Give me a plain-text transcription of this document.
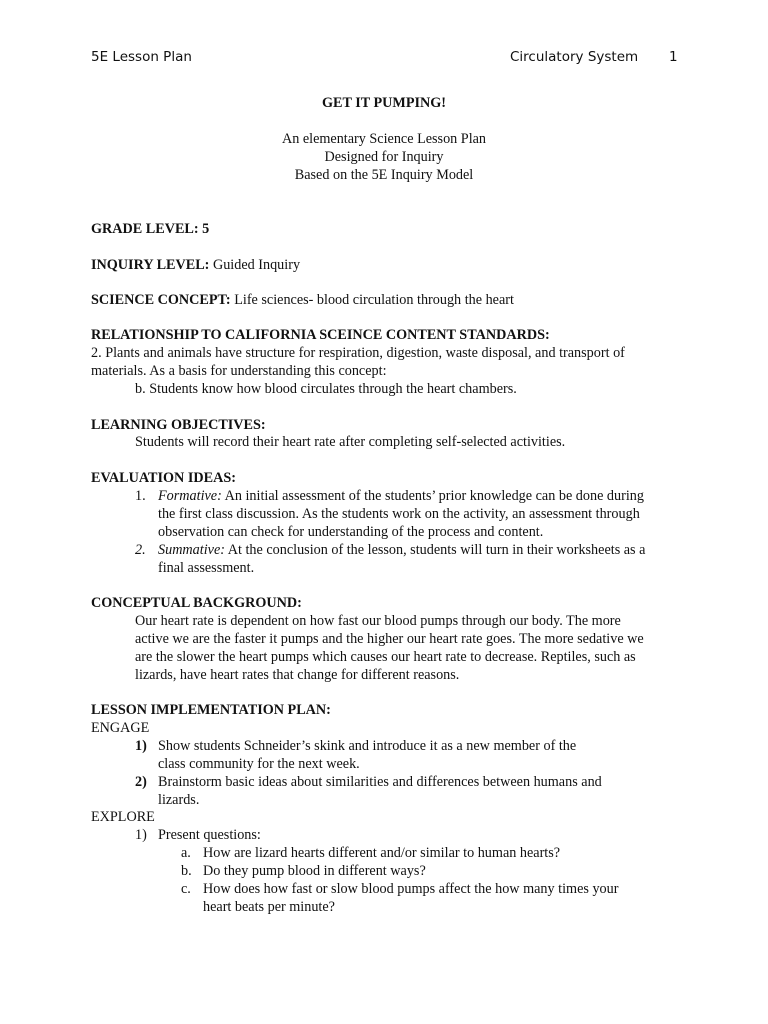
5E Lesson Plan	Circulatory System 1
GET IT PUMPING!
An elementary Science Lesson Plan
Designed for Inquiry
Based on the 5E Inquiry Model
GRADE LEVEL: 5
INQUIRY LEVEL: Guided Inquiry
SCIENCE CONCEPT: Life sciences- blood circulation through the heart
RELATIONSHIP TO CALIFORNIA SCEINCE CONTENT STANDARDS:
2. Plants and animals have structure for respiration, digestion, waste disposal, and transport of
materials. As a basis for understanding this concept:
b. Students know how blood circulates through the heart chambers.
LEARNING OBJECTIVES:
Students will record their heart rate after completing self-selected activities.
EVALUATION IDEAS:
1. Formative: An initial assessment of the students’ prior knowledge can be done during
the first class discussion. As the students work on the activity, an assessment through
observation can check for understanding of the process and content.
2. Summative: At the conclusion of the lesson, students will turn in their worksheets as a
final assessment.
CONCEPTUAL BACKGROUND:
Our heart rate is dependent on how fast our blood pumps through our body. The more
active we are the faster it pumps and the higher our heart rate goes. The more sedative we
are the slower the heart pumps which causes our heart rate to decrease. Reptiles, such as
lizards, have heart rates that change for different reasons.
LESSON IMPLEMENTATION PLAN:
ENGAGE
1) Show students Schneider’s skink and introduce it as a new member of the
class community for the next week.
2) Brainstorm basic ideas about similarities and differences between humans and
lizards.
EXPLORE
1) Present questions:
a. How are lizard hearts different and/or similar to human hearts?
b. Do they pump blood in different ways?
c. How does how fast or slow blood pumps affect the how many times your
heart beats per minute?
